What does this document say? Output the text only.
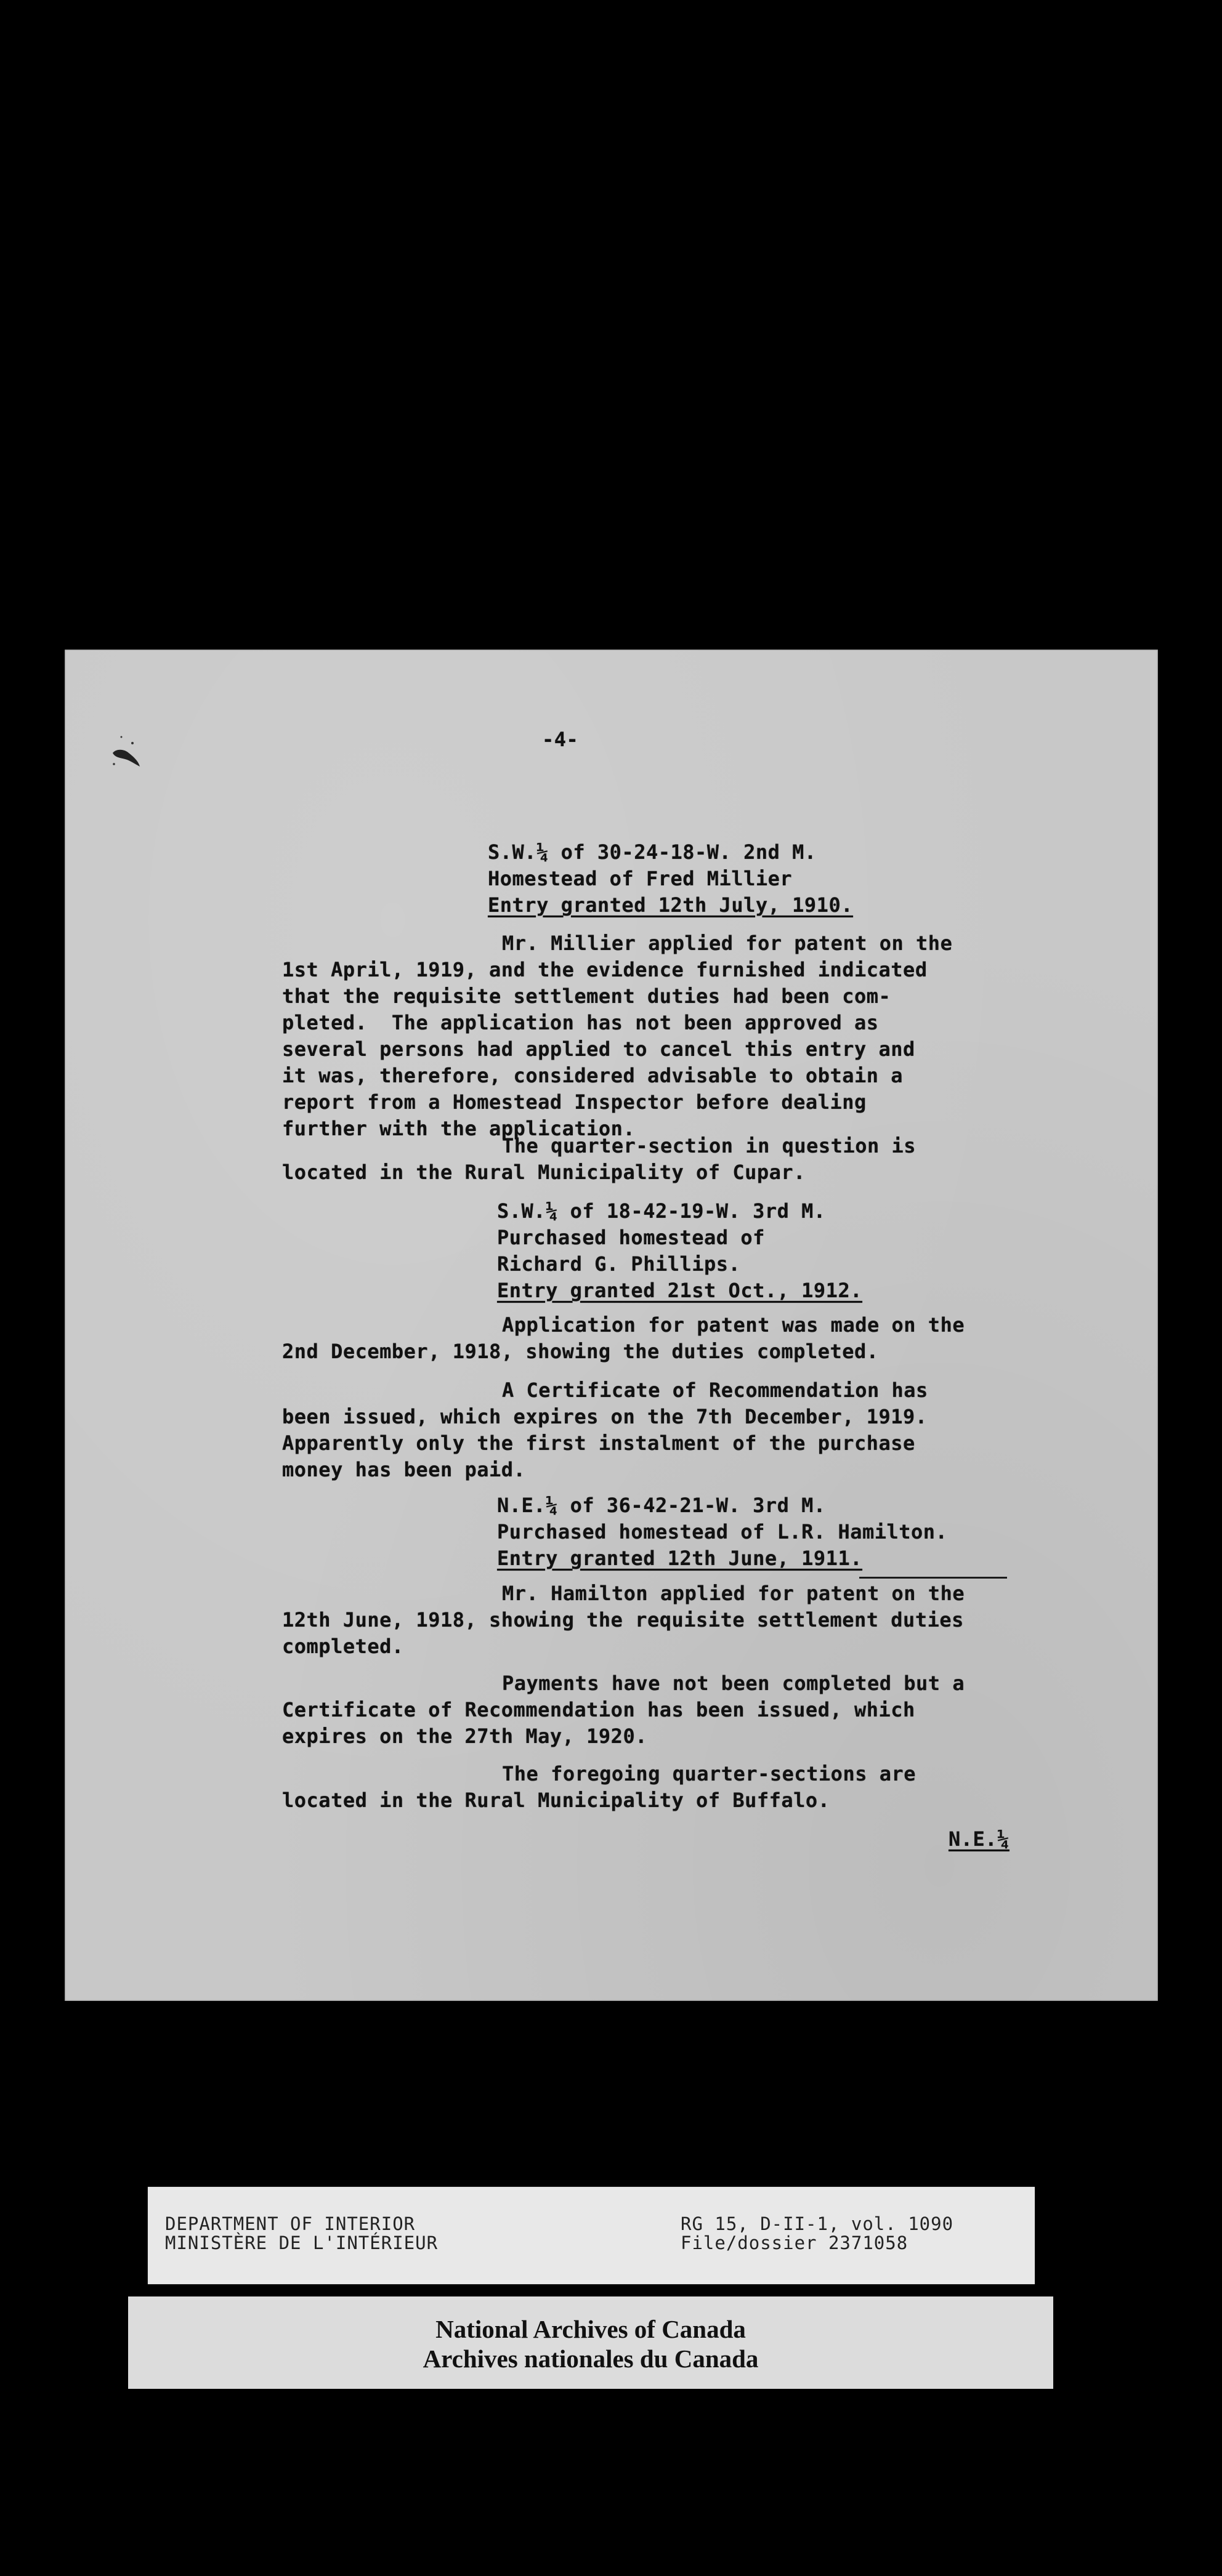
-4-

S.W.¼ of 30-24-18-W. 2nd M.

Homestead of Fred Millier

Entry granted 12th July, 1910.

Mr. Millier applied for patent on the

1st April, 1919, and the evidence furnished indicated

that the requisite settlement duties had been com-

pleted.  The application has not been approved as

several persons had applied to cancel this entry and

it was, therefore, considered advisable to obtain a

report from a Homestead Inspector before dealing

further with the application.

The quarter-section in question is

located in the Rural Municipality of Cupar.

S.W.¼ of 18-42-19-W. 3rd M.

Purchased homestead of

Richard G. Phillips.

Entry granted 21st Oct., 1912.

Application for patent was made on the

2nd December, 1918, showing the duties completed.

A Certificate of Recommendation has

been issued, which expires on the 7th December, 1919.

Apparently only the first instalment of the purchase

money has been paid.

N.E.¼ of 36-42-21-W. 3rd M.

Purchased homestead of L.R. Hamilton.

Entry granted 12th June, 1911.

Mr. Hamilton applied for patent on the

12th June, 1918, showing the requisite settlement duties

completed.

Payments have not been completed but a

Certificate of Recommendation has been issued, which

expires on the 27th May, 1920.

The foregoing quarter-sections are

located in the Rural Municipality of Buffalo.

N.E.¼

DEPARTMENT OF INTERIOR
MINISTÈRE DE L'INTÉRIEUR
RG 15, D-II-1, vol. 1090
File/dossier 2371058
National Archives of Canada
Archives nationales du Canada
